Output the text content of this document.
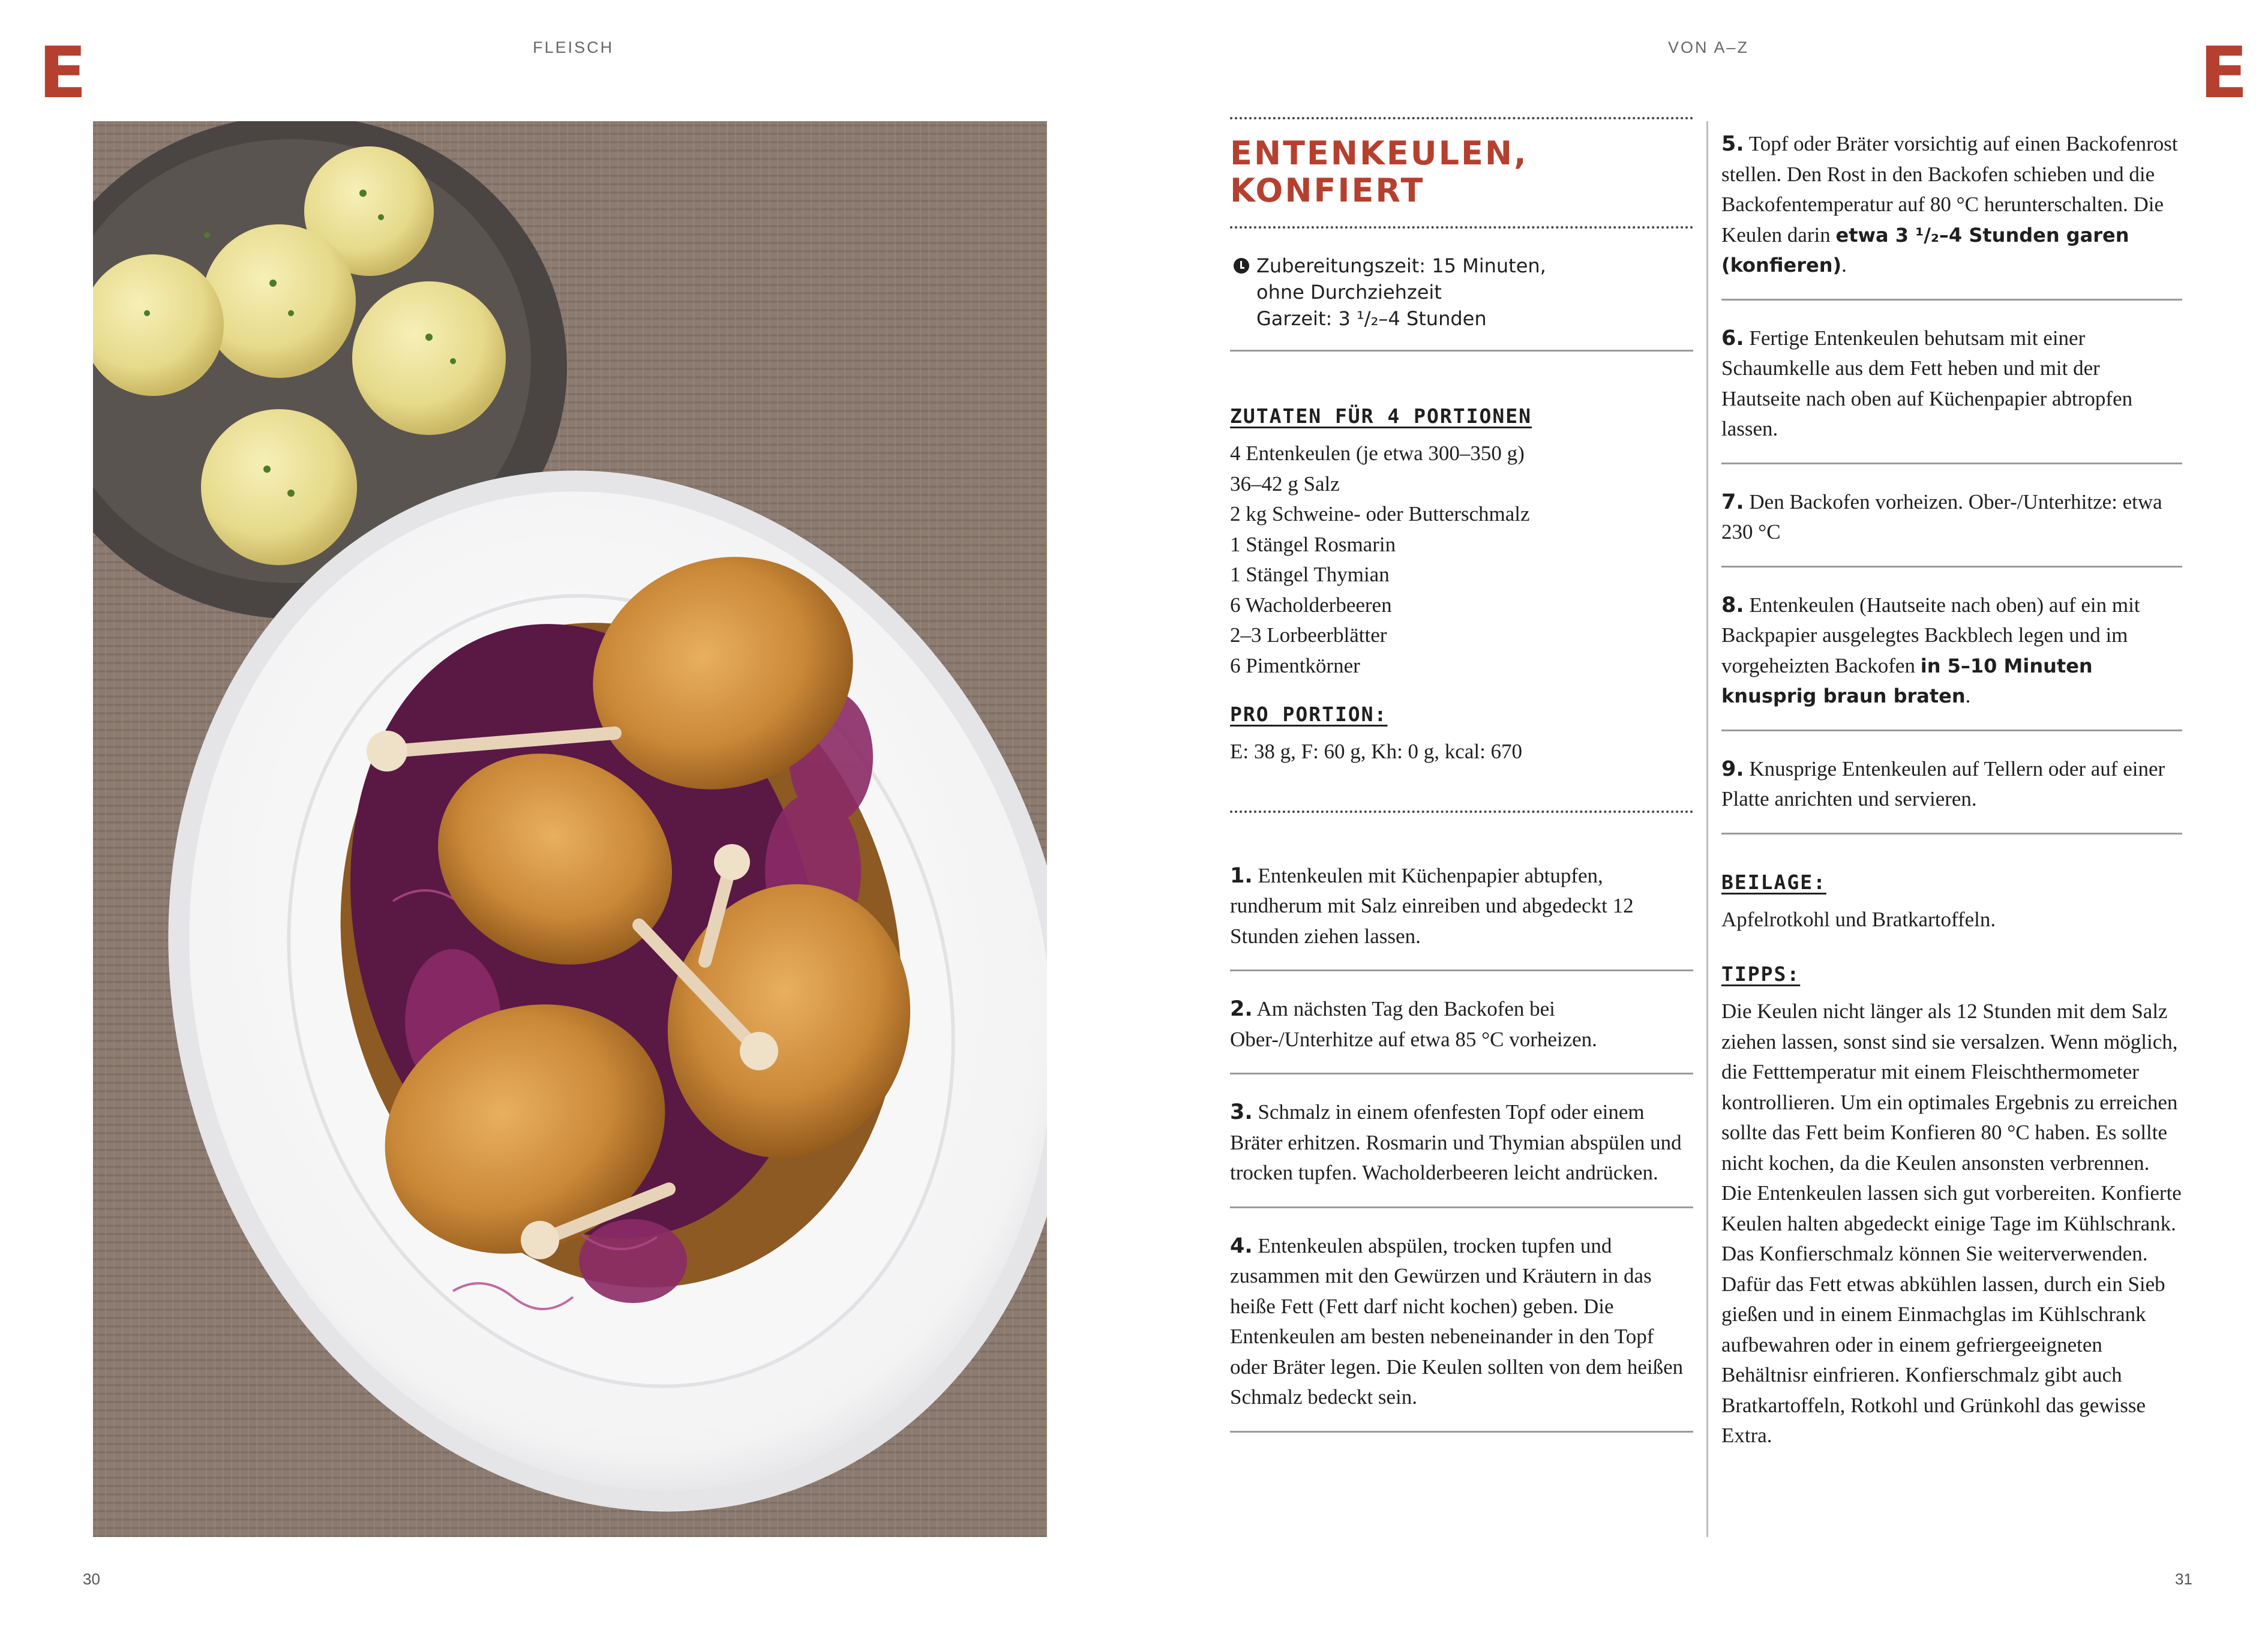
E	E
FLEISCH	VON A–Z
ENTENKEULEN,
KONFIERT
Zubereitungszeit: 15 Minuten,
ohne Durchziehzeit
Garzeit: 3 ¹/₂–4 Stunden
ZUTATEN FÜR 4 PORTIONEN
4 Entenkeulen (je etwa 300–350 g)
36–42 g Salz
2 kg Schweine- oder Butterschmalz
1 Stängel Rosmarin
1 Stängel Thymian
6 Wacholderbeeren
2–3 Lorbeerblätter
6 Pimentkörner
PRO PORTION:
E: 38 g, F: 60 g, Kh: 0 g, kcal: 670
1. Entenkeulen mit Küchenpapier abtupfen, rundherum mit Salz einreiben und abgedeckt 12 Stunden ziehen lassen.
2. Am nächsten Tag den Backofen bei Ober-/Unterhitze auf etwa 85 °C vorheizen.
3. Schmalz in einem ofenfesten Topf oder einem Bräter erhitzen. Rosmarin und Thymian abspülen und trocken tupfen. Wacholderbeeren leicht andrücken.
4. Entenkeulen abspülen, trocken tupfen und zusammen mit den Gewürzen und Kräutern in das heiße Fett (Fett darf nicht kochen) geben. Die Entenkeulen am besten nebeneinander in den Topf oder Bräter legen. Die Keulen sollten von dem heißen Schmalz bedeckt sein.
5. Topf oder Bräter vorsichtig auf einen Backofenrost stellen. Den Rost in den Backofen schieben und die Backofentemperatur auf 80 °C herunterschalten. Die Keulen darin etwa 3 ¹/₂–4 Stunden garen (konfieren).
6. Fertige Entenkeulen behutsam mit einer Schaumkelle aus dem Fett heben und mit der Hautseite nach oben auf Küchenpapier abtropfen lassen.
7. Den Backofen vorheizen. Ober-/Unterhitze: etwa 230 °C
8. Entenkeulen (Hautseite nach oben) auf ein mit Backpapier ausgelegtes Backblech legen und im vorgeheizten Backofen in 5–10 Minuten knusprig braun braten.
9. Knusprige Entenkeulen auf Tellern oder auf einer Platte anrichten und servieren.
BEILAGE:
Apfelrotkohl und Bratkartoffeln.
TIPPS:
Die Keulen nicht länger als 12 Stunden mit dem Salz ziehen lassen, sonst sind sie versalzen. Wenn möglich, die Fetttemperatur mit einem Fleischthermometer kontrollieren. Um ein optimales Ergebnis zu erreichen sollte das Fett beim Konfieren 80 °C haben. Es sollte nicht kochen, da die Keulen ansonsten verbrennen.
Die Entenkeulen lassen sich gut vorbereiten. Konfierte Keulen halten abgedeckt einige Tage im Kühlschrank.
Das Konfierschmalz können Sie weiterverwenden. Dafür das Fett etwas abkühlen lassen, durch ein Sieb gießen und in einem Einmachglas im Kühlschrank aufbewahren oder in einem gefriergeeigneten Behältnisr einfrieren. Konfierschmalz gibt auch Bratkartoffeln, Rotkohl und Grünkohl das gewisse Extra.
30	31
